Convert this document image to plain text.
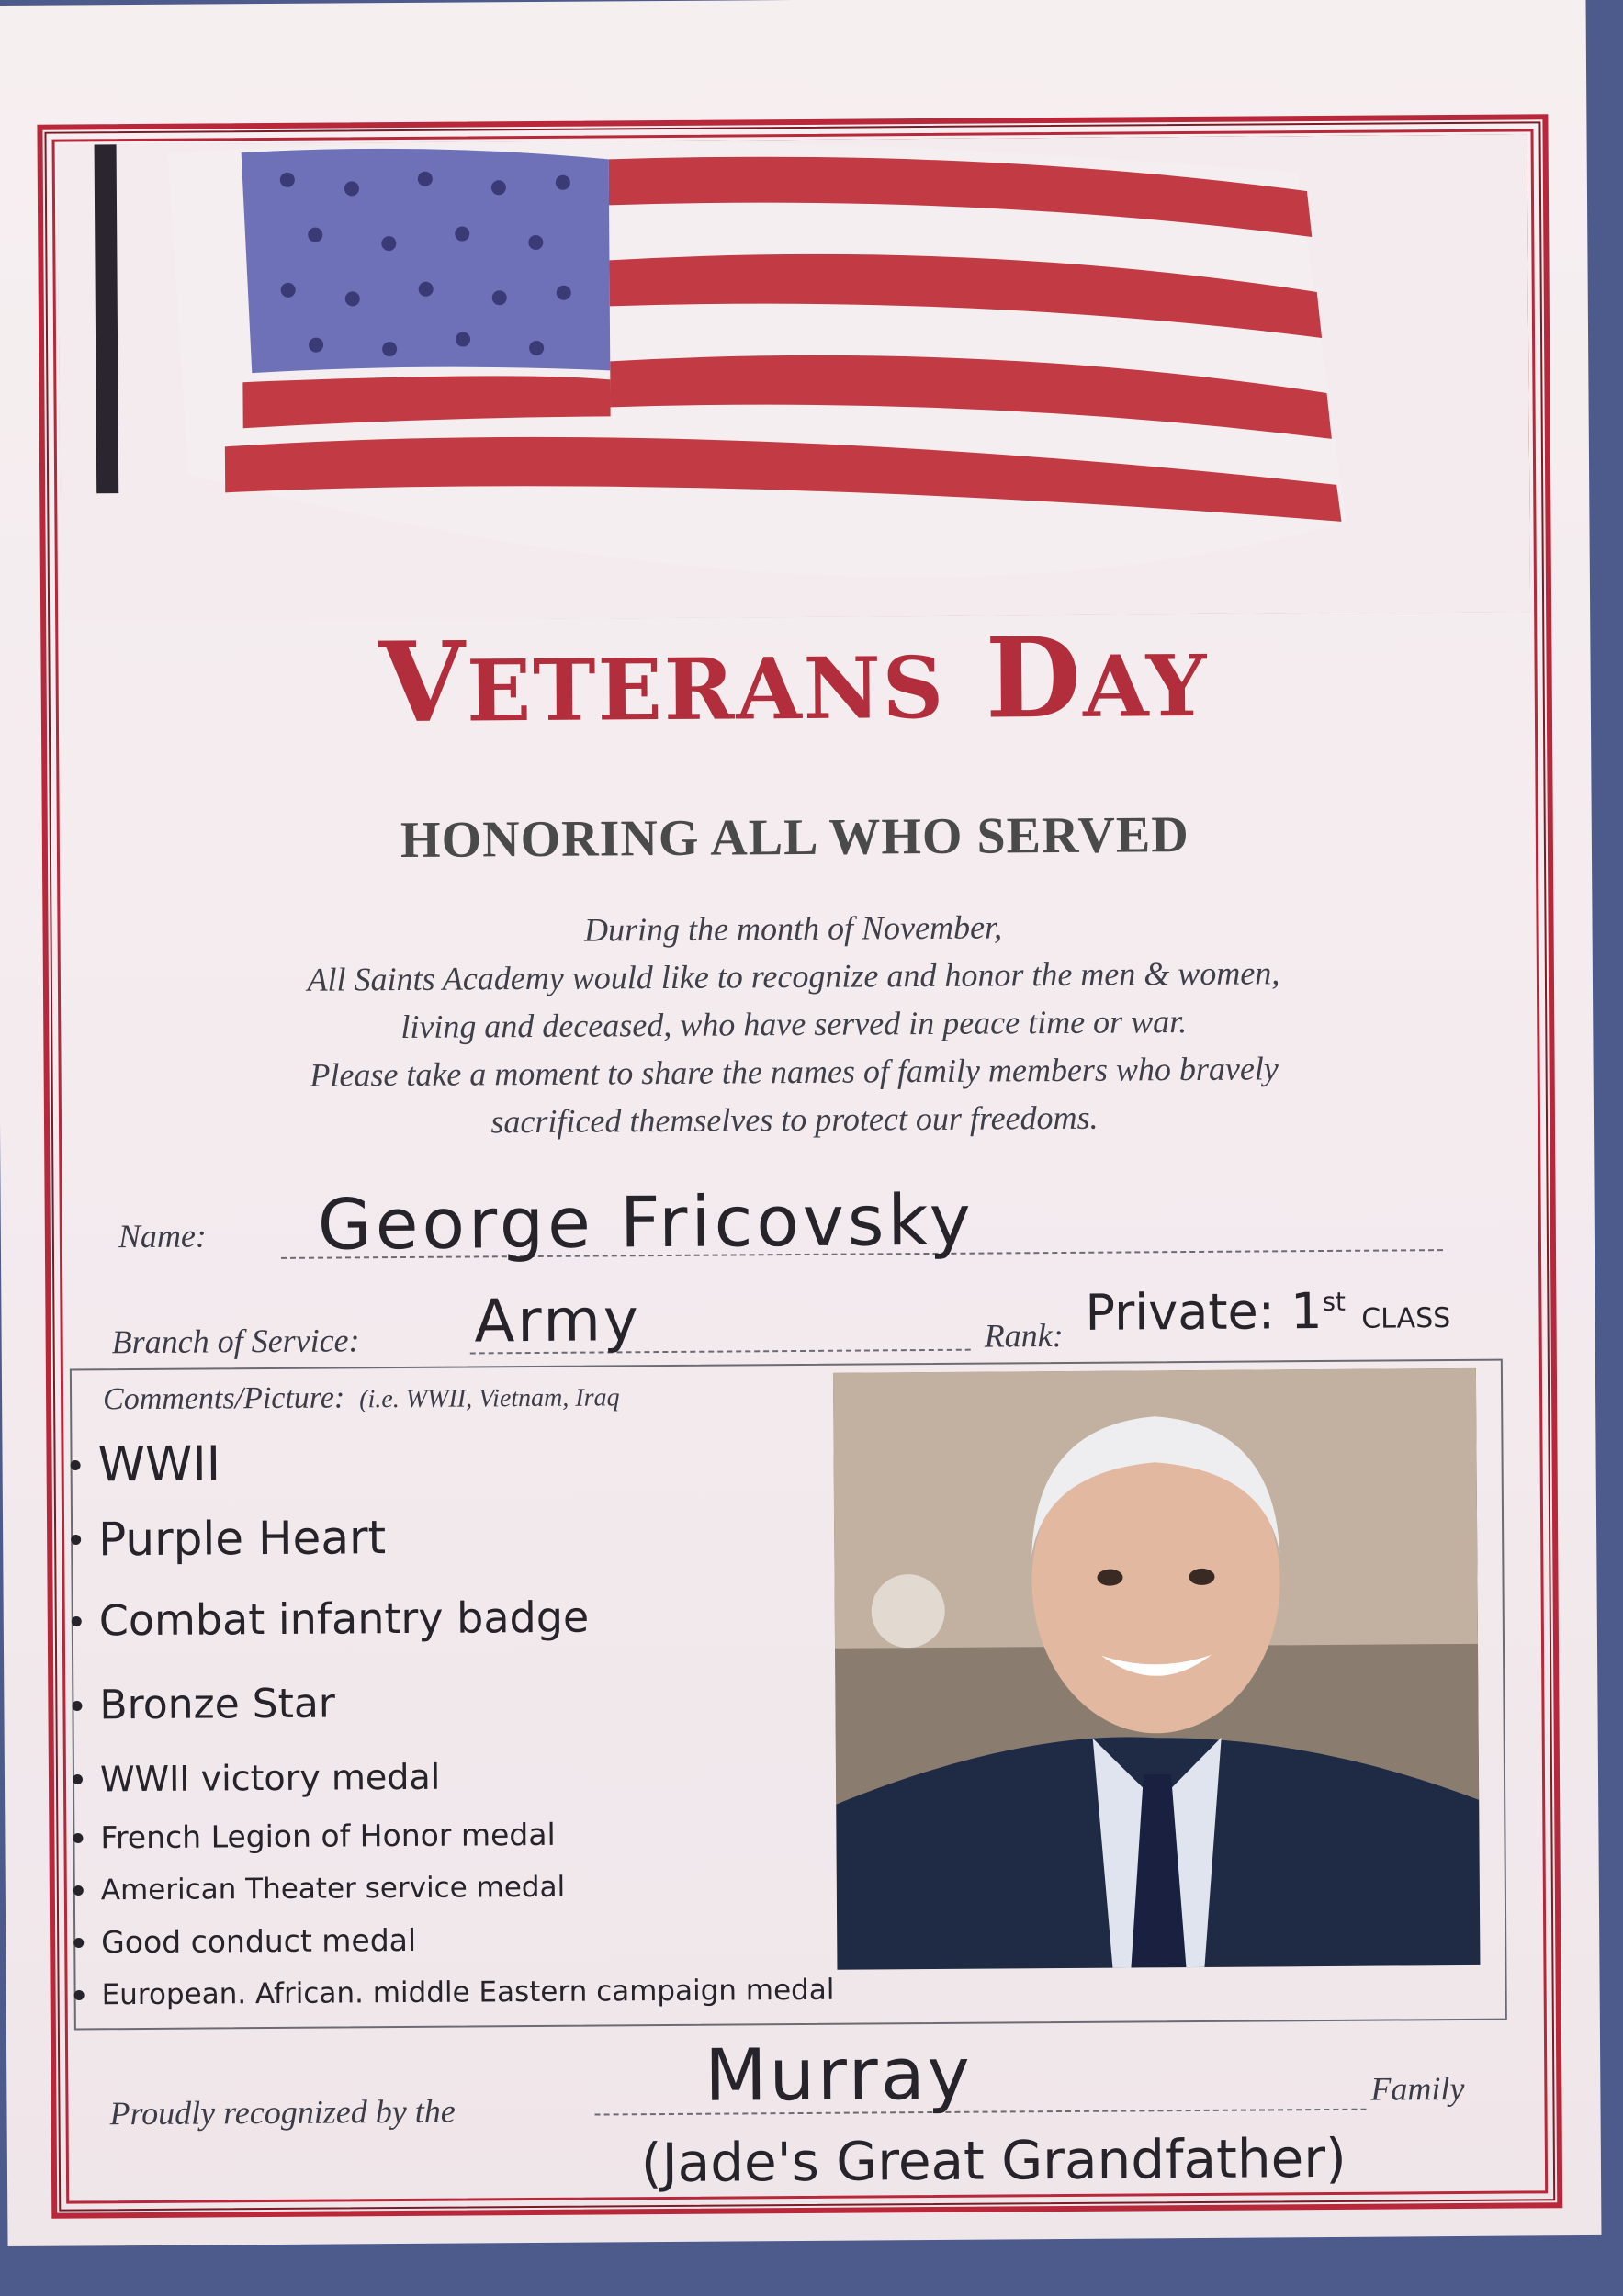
VETERANS DAY
HONORING ALL WHO SERVED
During the month of November,
All Saints Academy would like to recognize and honor the men & women,
living and deceased, who have served in peace time or war.
Please take a moment to share the names of family members who bravely
sacrificed themselves to protect our freedoms.
Name: George Fricovsky
Branch of Service: Army	Rank: Private: 1st CLASS
Comments/Picture: (i.e. WWII, Vietnam, Iraq
WWII
Purple Heart
Combat infantry badge
Bronze Star
WWII victory medal
French Legion of Honor medal
American Theater service medal
Good conduct medal
European. African. middle Eastern campaign medal
Proudly recognized by the	Murray	Family
(Jade's Great Grandfather)
